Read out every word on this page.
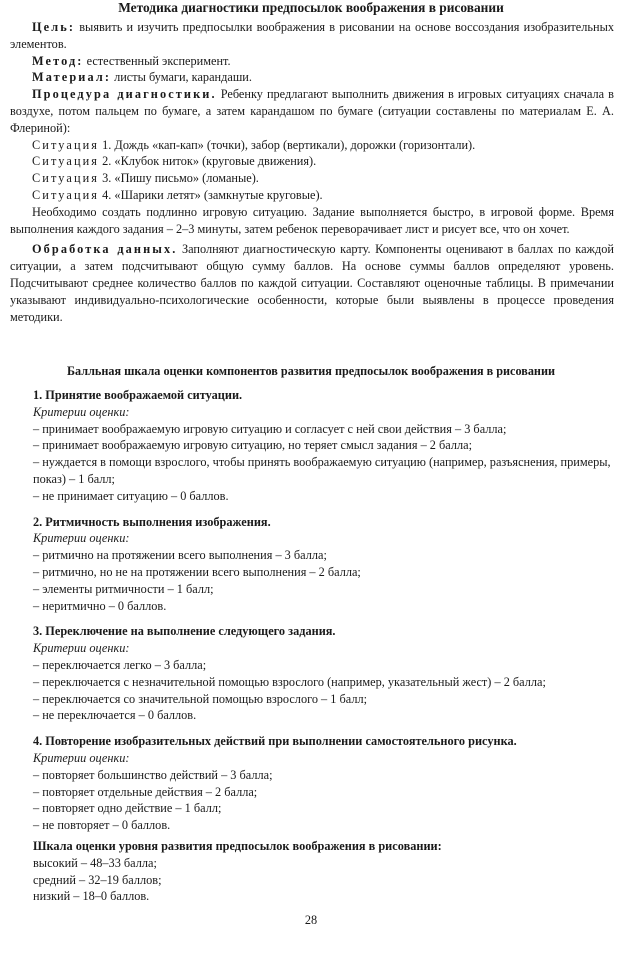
Методика диагностики предпосылок воображения в рисовании

Цель: выявить и изучить предпосылки воображения в рисовании на основе воссоздания изобразительных элементов.

Метод: естественный эксперимент.

Материал: листы бумаги, карандаши.

Процедура диагностики. Ребенку предлагают выполнить движения в игровых ситуациях сначала в воздухе, потом пальцем по бумаге, а затем карандашом по бумаге (ситуации составлены по материалам Е. А. Флериной):

Ситуация 1. Дождь «кап-кап» (точки), забор (вертикали), дорожки (горизонтали).

Ситуация 2. «Клубок ниток» (круговые движения).

Ситуация 3. «Пишу письмо» (ломаные).

Ситуация 4. «Шарики летят» (замкнутые круговые).

Необходимо создать подлинно игровую ситуацию. Задание выполняется быстро, в игровой форме. Время выполнения каждого задания – 2–3 минуты, затем ребенок переворачивает лист и рисует все, что он хочет.

Обработка данных. Заполняют диагностическую карту. Компоненты оценивают в баллах по каждой ситуации, а затем подсчитывают общую сумму баллов. На основе суммы баллов определяют уровень. Подсчитывают среднее количество баллов по каждой ситуации. Составляют оценочные таблицы. В примечании указывают индивидуально-психологические особенности, которые были выявлены в процессе проведения методики.

Балльная шкала оценки компонентов развития предпосылок воображения в рисовании

1. Принятие воображаемой ситуации.

Критерии оценки:

– принимает воображаемую игровую ситуацию и согласует с ней свои действия – 3 балла;

– принимает воображаемую игровую ситуацию, но теряет смысл задания – 2 балла;

– нуждается в помощи взрослого, чтобы принять воображаемую ситуацию (например, разъяснения, примеры, показ) – 1 балл;

– не принимает ситуацию – 0 баллов.

2. Ритмичность выполнения изображения.

Критерии оценки:

– ритмично на протяжении всего выполнения – 3 балла;

– ритмично, но не на протяжении всего выполнения – 2 балла;

– элементы ритмичности – 1 балл;

– неритмично – 0 баллов.

3. Переключение на выполнение следующего задания.

Критерии оценки:

– переключается легко – 3 балла;

– переключается с незначительной помощью взрослого (например, указательный жест) – 2 балла;

– переключается со значительной помощью взрослого – 1 балл;

– не переключается – 0 баллов.

4. Повторение изобразительных действий при выполнении самостоятельного рисунка.

Критерии оценки:

– повторяет большинство действий – 3 балла;

– повторяет отдельные действия – 2 балла;

– повторяет одно действие – 1 балл;

– не повторяет – 0 баллов.

Шкала оценки уровня развития предпосылок воображения в рисовании:

высокий – 48–33 балла;

средний – 32–19 баллов;

низкий – 18–0 баллов.

28
